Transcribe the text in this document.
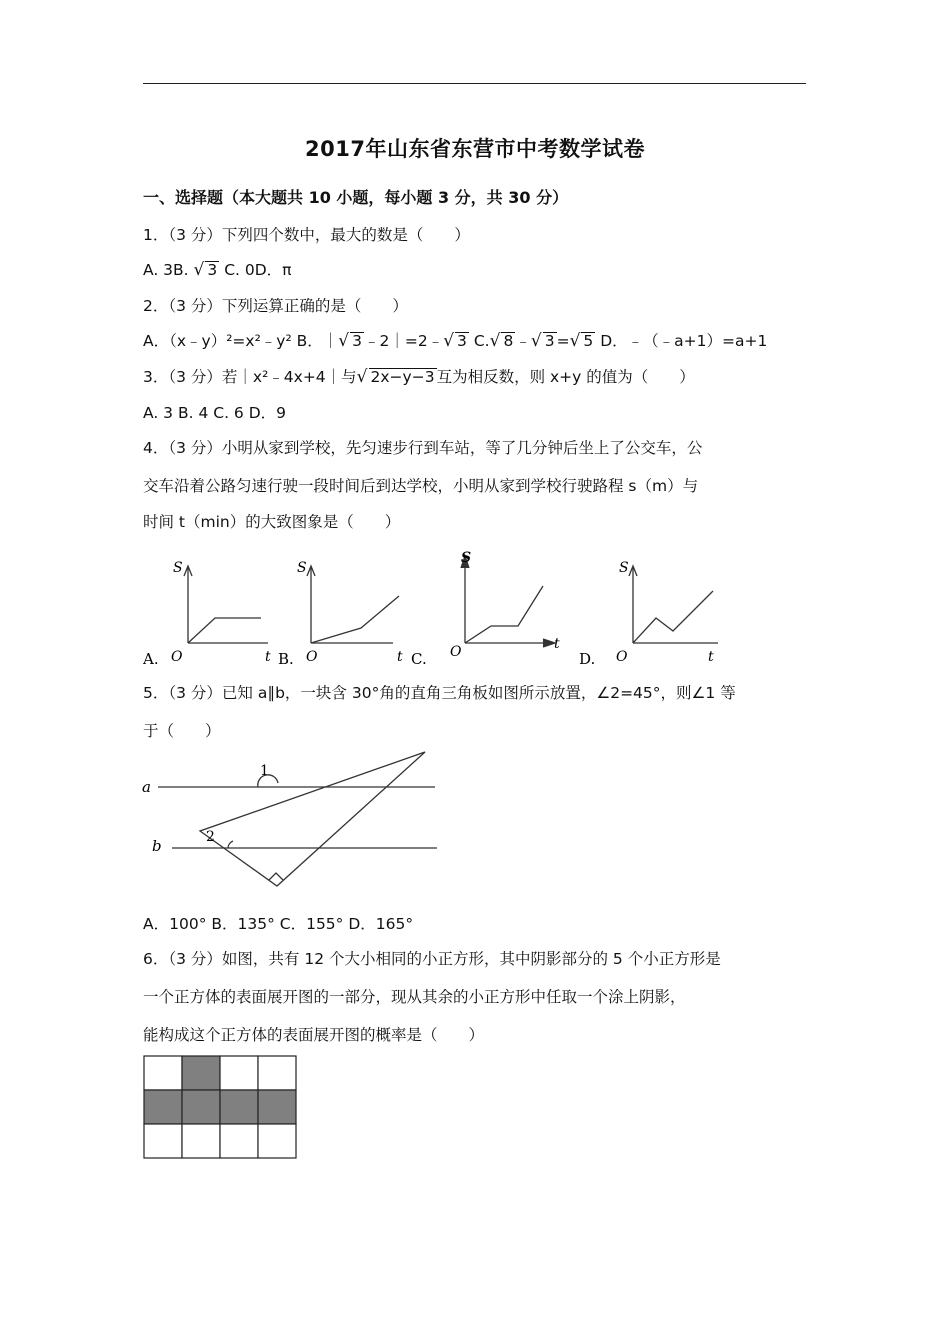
2017年山东省东营市中考数学试卷
一、选择题（本大题共 10 小题，每小题 3 分，共 30 分）
1．（3 分）下列四个数中，最大的数是（　　）
A. 3B. √ 3 C. 0D．π
2．（3 分）下列运算正确的是（　　）
A．（x﹣y）²=x²﹣y² B．｜√ 3 ﹣2｜=2﹣√ 3 C.√ 8 ﹣√ 3 =√ 5 D．﹣（﹣a+1）=a+1
3．（3 分）若｜x²﹣4x+4｜与√ 2x−y−3 互为相反数，则 x+y 的值为（　　）
A. 3 B. 4 C. 6 D．9
4．（3 分）小明从家到学校，先匀速步行到车站，等了几分钟后坐上了公交车，公
交车沿着公路匀速行驶一段时间后到达学校，小明从家到学校行驶路程 s（m）与
时间 t（min）的大致图象是（　　）
S
O	t
A.
S
O	t
B.
S
O	t
C.
S
O	t
D.
5．（3 分）已知 a∥b，一块含 30°角的直角三角板如图所示放置，∠2=45°，则∠1 等
于（　　）
a
b
1
2
A．100° B．135° C．155° D．165°
6．（3 分）如图，共有 12 个大小相同的小正方形，其中阴影部分的 5 个小正方形是
一个正方体的表面展开图的一部分，现从其余的小正方形中任取一个涂上阴影，
能构成这个正方体的表面展开图的概率是（　　）
